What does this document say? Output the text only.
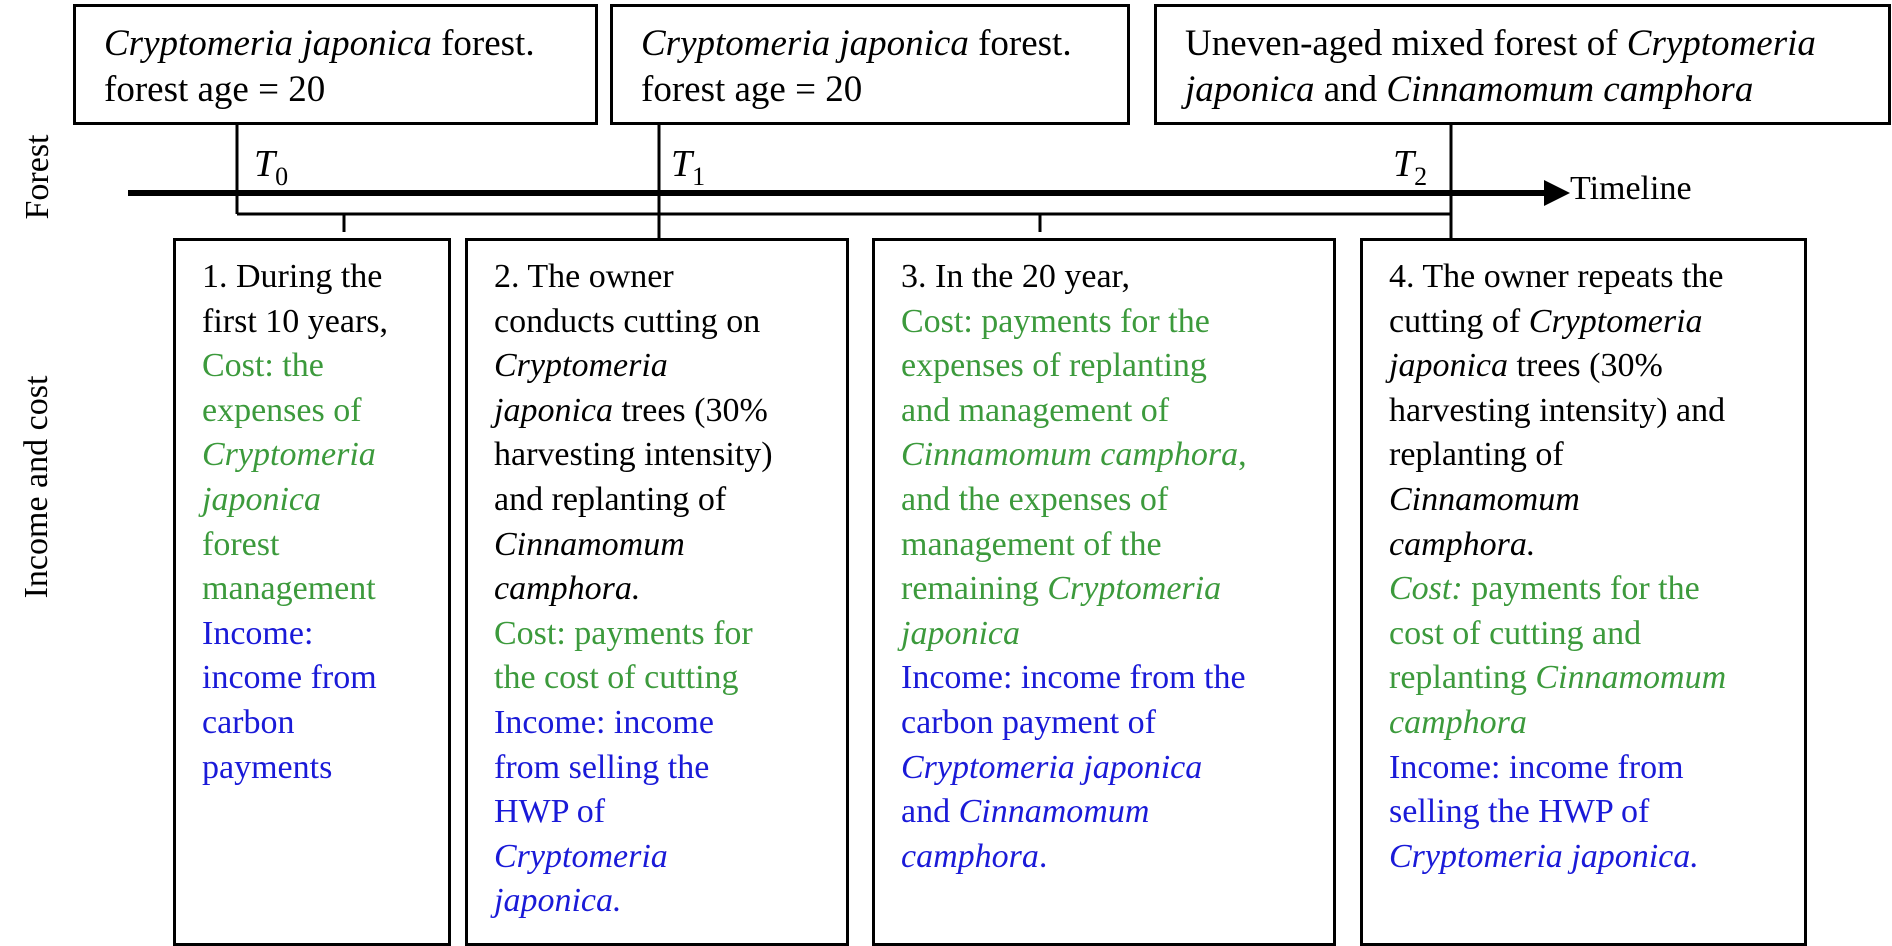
Forest
Income and cost
$T_0$	$T_1$	$T_2$	Timeline
Cryptomeria japonica forest.
forest age = 20
Cryptomeria japonica forest.
forest age = 20
Uneven-aged mixed forest of Cryptomeria
japonica and Cinnamomum camphora

1. During the

first 10 years,

Cost: the

expenses of

Cryptomeria

japonica

forest

management

Income:

income from

carbon

payments

2. The owner

conducts cutting on

Cryptomeria

japonica trees (30%

harvesting intensity)

and replanting of

Cinnamomum

camphora.

Cost: payments for

the cost of cutting

Income: income

from selling the

HWP of

Cryptomeria

japonica.

3. In the 20 year,

Cost: payments for the

expenses of replanting

and management of

Cinnamomum camphora,

and the expenses of

management of the

remaining Cryptomeria

japonica

Income: income from the

carbon payment of

Cryptomeria japonica

and Cinnamomum

camphora.

4. The owner repeats the

cutting of Cryptomeria

japonica trees (30%

harvesting intensity) and

replanting of

Cinnamomum

camphora.

Cost: payments for the

cost of cutting and

replanting Cinnamomum

camphora

Income: income from

selling the HWP of

Cryptomeria japonica.
